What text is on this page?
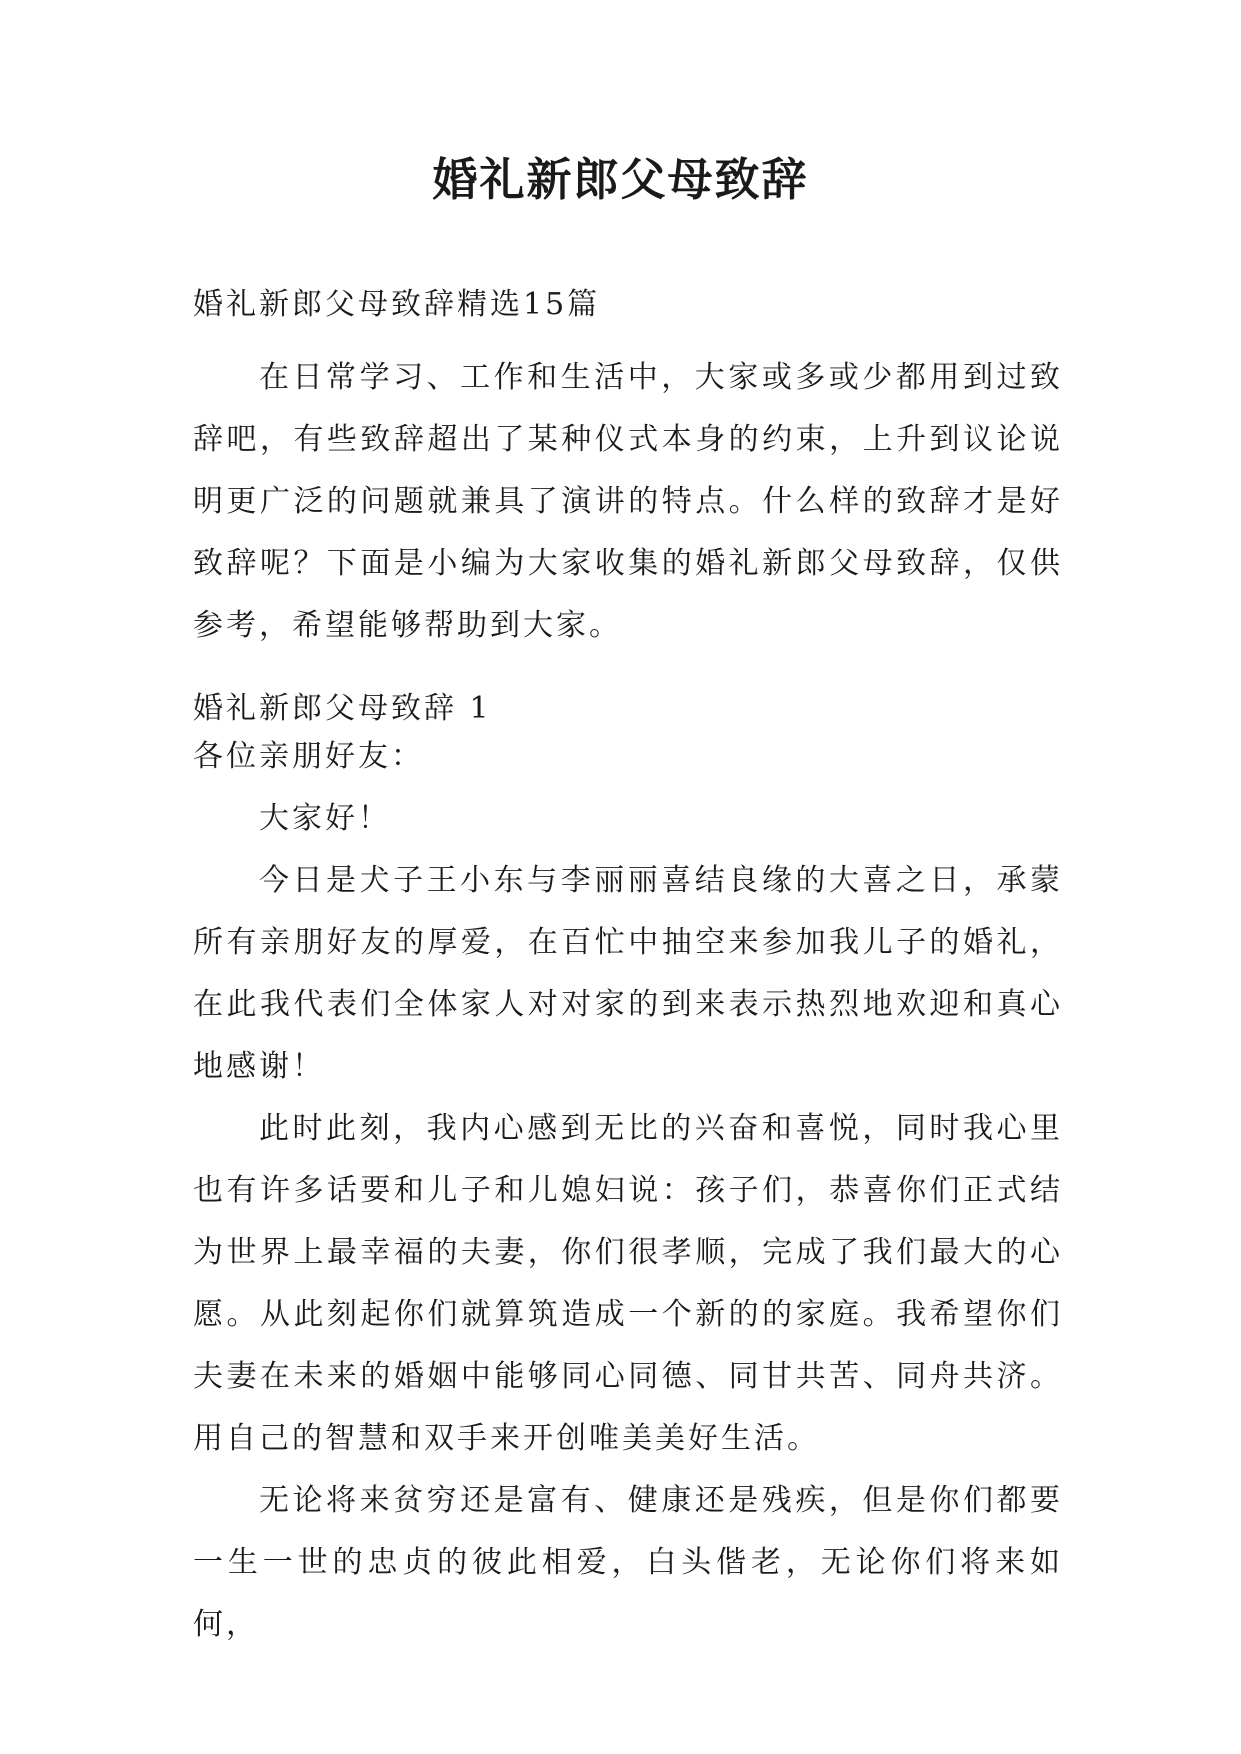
婚礼新郎父母致辞

婚礼新郎父母致辞精选15篇

在日常学习、工作和生活中，大家或多或少都用到过致辞吧，有些致辞超出了某种仪式本身的约束，上升到议论说明更广泛的问题就兼具了演讲的特点。什么样的致辞才是好致辞呢？下面是小编为大家收集的婚礼新郎父母致辞，仅供参考，希望能够帮助到大家。

婚礼新郎父母致辞 1

各位亲朋好友：

大家好！

今日是犬子王小东与李丽丽喜结良缘的大喜之日，承蒙所有亲朋好友的厚爱，在百忙中抽空来参加我儿子的婚礼，在此我代表们全体家人对对家的到来表示热烈地欢迎和真心地感谢！

此时此刻，我内心感到无比的兴奋和喜悦，同时我心里也有许多话要和儿子和儿媳妇说：孩子们，恭喜你们正式结为世界上最幸福的夫妻，你们很孝顺，完成了我们最大的心愿。从此刻起你们就算筑造成一个新的的家庭。我希望你们夫妻在未来的婚姻中能够同心同德、同甘共苦、同舟共济。用自己的智慧和双手来开创唯美美好生活。

无论将来贫穷还是富有、健康还是残疾，但是你们都要一生一世的忠贞的彼此相爱，白头偕老，无论你们将来如何，
